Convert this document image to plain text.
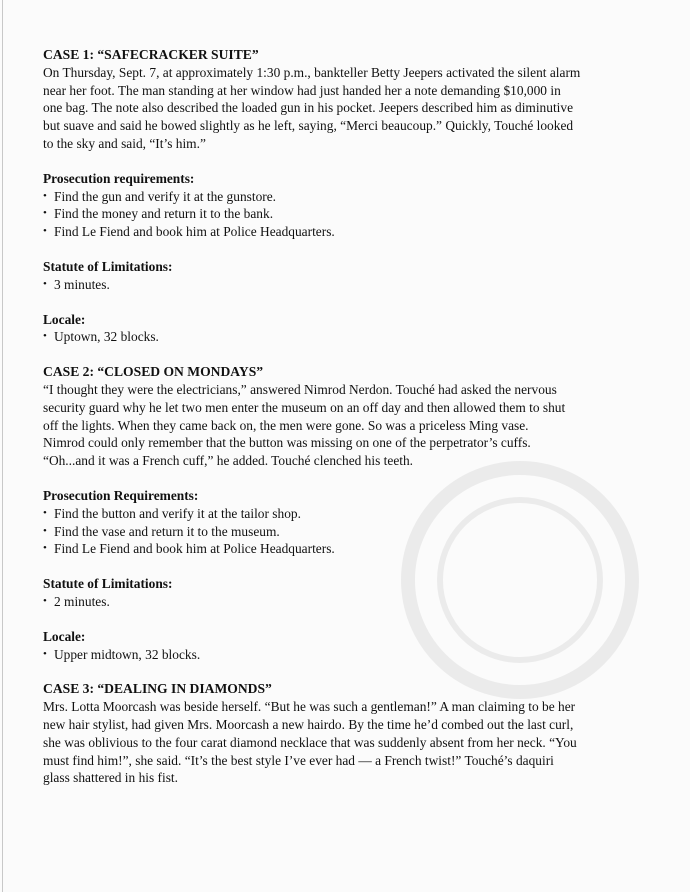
CASE 1: “SAFECRACKER SUITE”

On Thursday, Sept. 7, at approximately 1:30 p.m., bankteller Betty Jeepers activated the silent alarm
near her foot. The man standing at her window had just handed her a note demanding $10,000 in
one bag. The note also described the loaded gun in his pocket. Jeepers described him as diminutive
but suave and said he bowed slightly as he left, saying, “Merci beaucoup.” Quickly, Touché looked
to the sky and said, “It’s him.”

Prosecution requirements:

• Find the gun and verify it at the gunstore.
• Find the money and return it to the bank.
• Find Le Fiend and book him at Police Headquarters.

Statute of Limitations:

• 3 minutes.

Locale:

• Uptown, 32 blocks.

CASE 2: “CLOSED ON MONDAYS”

“I thought they were the electricians,” answered Nimrod Nerdon. Touché had asked the nervous
security guard why he let two men enter the museum on an off day and then allowed them to shut
off the lights. When they came back on, the men were gone. So was a priceless Ming vase.
Nimrod could only remember that the button was missing on one of the perpetrator’s cuffs.
“Oh...and it was a French cuff,” he added. Touché clenched his teeth.

Prosecution Requirements:

• Find the button and verify it at the tailor shop.
• Find the vase and return it to the museum.
• Find Le Fiend and book him at Police Headquarters.

Statute of Limitations:

• 2 minutes.

Locale:

• Upper midtown, 32 blocks.

CASE 3: “DEALING IN DIAMONDS”

Mrs. Lotta Moorcash was beside herself. “But he was such a gentleman!” A man claiming to be her
new hair stylist, had given Mrs. Moorcash a new hairdo. By the time he’d combed out the last curl,
she was oblivious to the four carat diamond necklace that was suddenly absent from her neck. “You
must find him!”, she said. “It’s the best style I’ve ever had — a French twist!” Touché’s daquiri
glass shattered in his fist.
